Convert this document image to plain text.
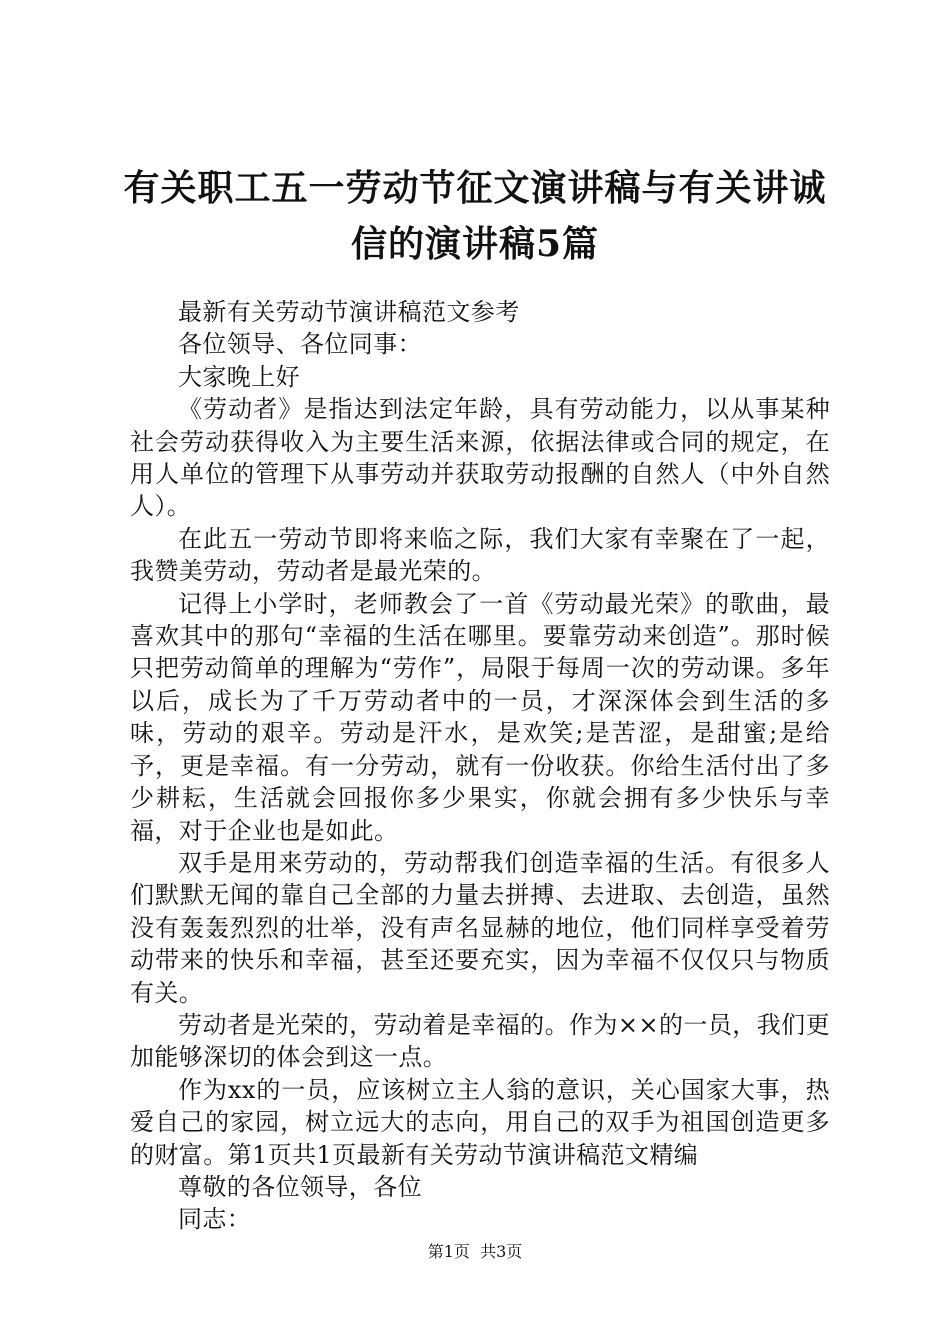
有关职工五一劳动节征文演讲稿与有关讲诚信的演讲稿5篇

最新有关劳动节演讲稿范文参考

各位领导、各位同事：

大家晚上好

《劳动者》是指达到法定年龄，具有劳动能力，以从事某种社会劳动获得收入为主要生活来源，依据法律或合同的规定，在用人单位的管理下从事劳动并获取劳动报酬的自然人（中外自然人）。

在此五一劳动节即将来临之际，我们大家有幸聚在了一起，我赞美劳动，劳动者是最光荣的。

记得上小学时，老师教会了一首《劳动最光荣》的歌曲，最喜欢其中的那句“幸福的生活在哪里。要靠劳动来创造”。那时候只把劳动简单的理解为“劳作”，局限于每周一次的劳动课。多年以后，成长为了千万劳动者中的一员，才深深体会到生活的多味，劳动的艰辛。劳动是汗水，是欢笑;是苦涩，是甜蜜;是给予，更是幸福。有一分劳动，就有一份收获。你给生活付出了多少耕耘，生活就会回报你多少果实，你就会拥有多少快乐与幸福，对于企业也是如此。

双手是用来劳动的，劳动帮我们创造幸福的生活。有很多人们默默无闻的靠自己全部的力量去拼搏、去进取、去创造，虽然没有轰轰烈烈的壮举，没有声名显赫的地位，他们同样享受着劳动带来的快乐和幸福，甚至还要充实，因为幸福不仅仅只与物质有关。

劳动者是光荣的，劳动着是幸福的。作为××的一员，我们更加能够深切的体会到这一点。

作为xx的一员，应该树立主人翁的意识，关心国家大事，热爱自己的家园，树立远大的志向，用自己的双手为祖国创造更多的财富。第1页共1页最新有关劳动节演讲稿范文精编

尊敬的各位领导，各位

同志：

第1页  共3页
